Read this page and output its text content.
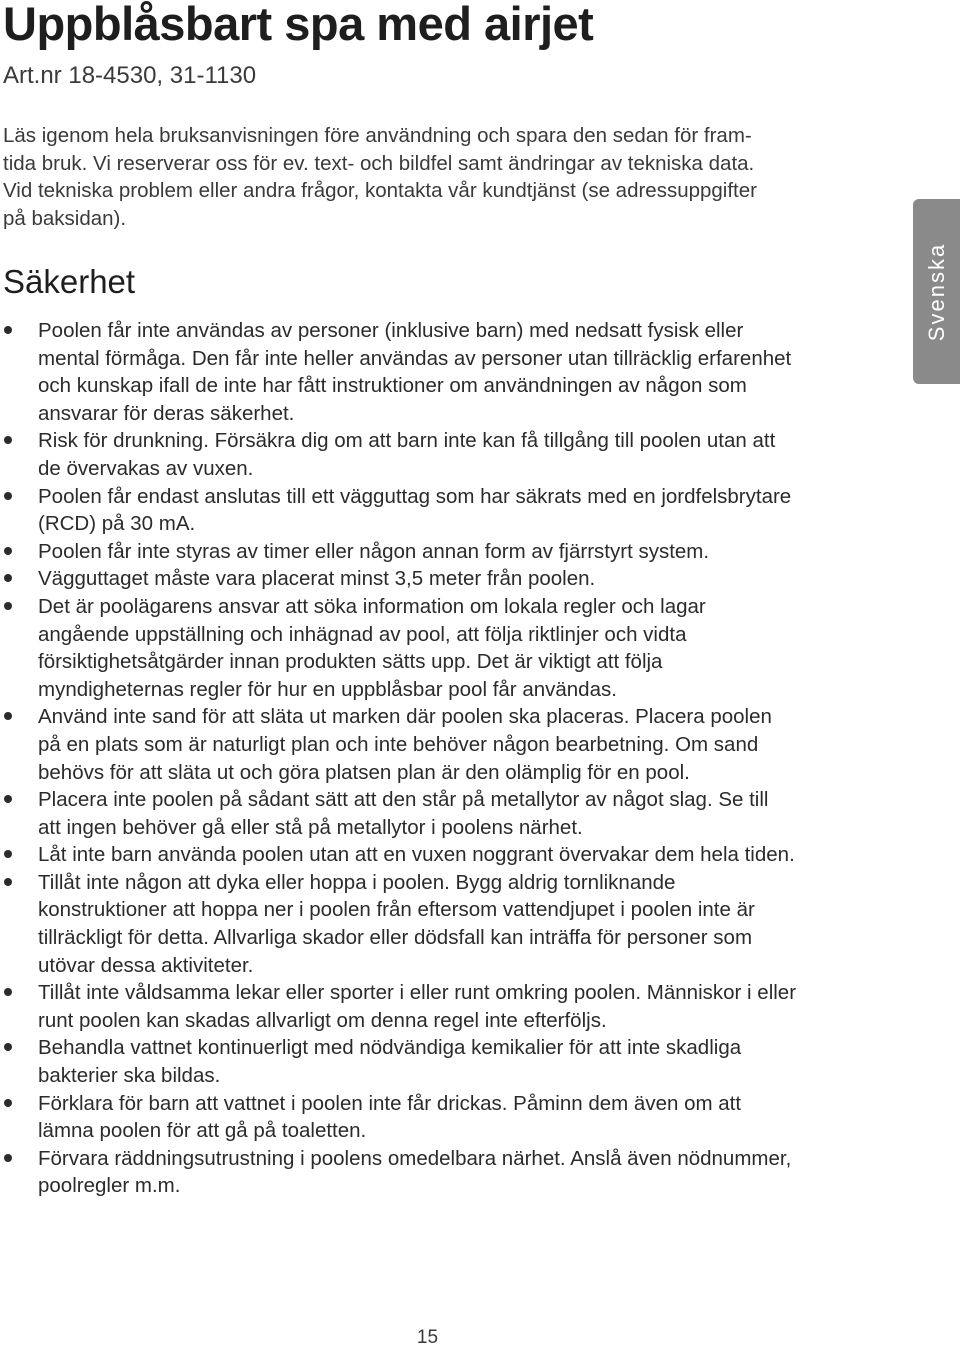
Uppblåsbart spa med airjet

Art.nr 18-4530, 31-1130

Läs igenom hela bruksanvisningen före användning och spara den sedan för fram-
tida bruk. Vi reserverar oss för ev. text- och bildfel samt ändringar av tekniska data.
Vid tekniska problem eller andra frågor, kontakta vår kundtjänst (se adressuppgifter
på baksidan).

Säkerhet
Poolen får inte användas av personer (inklusive barn) med nedsatt fysisk eller
mental förmåga. Den får inte heller användas av personer utan tillräcklig erfarenhet
och kunskap ifall de inte har fått instruktioner om användningen av någon som
ansvarar för deras säkerhet.
Risk för drunkning. Försäkra dig om att barn inte kan få tillgång till poolen utan att
de övervakas av vuxen.
Poolen får endast anslutas till ett vägguttag som har säkrats med en jordfelsbrytare
(RCD) på 30 mA.
Poolen får inte styras av timer eller någon annan form av fjärrstyrt system.
Vägguttaget måste vara placerat minst 3,5 meter från poolen.
Det är poolägarens ansvar att söka information om lokala regler och lagar
angående uppställning och inhägnad av pool, att följa riktlinjer och vidta
försiktighetsåtgärder innan produkten sätts upp. Det är viktigt att följa
myndigheternas regler för hur en uppblåsbar pool får användas.
Använd inte sand för att släta ut marken där poolen ska placeras. Placera poolen
på en plats som är naturligt plan och inte behöver någon bearbetning. Om sand
behövs för att släta ut och göra platsen plan är den olämplig för en pool.
Placera inte poolen på sådant sätt att den står på metallytor av något slag. Se till
att ingen behöver gå eller stå på metallytor i poolens närhet.
Låt inte barn använda poolen utan att en vuxen noggrant övervakar dem hela tiden.
Tillåt inte någon att dyka eller hoppa i poolen. Bygg aldrig tornliknande
konstruktioner att hoppa ner i poolen från eftersom vattendjupet i poolen inte är
tillräckligt för detta. Allvarliga skador eller dödsfall kan inträffa för personer som
utövar dessa aktiviteter.
Tillåt inte våldsamma lekar eller sporter i eller runt omkring poolen. Människor i eller
runt poolen kan skadas allvarligt om denna regel inte efterföljs.
Behandla vattnet kontinuerligt med nödvändiga kemikalier för att inte skadliga
bakterier ska bildas.
Förklara för barn att vattnet i poolen inte får drickas. Påminn dem även om att
lämna poolen för att gå på toaletten.
Förvara räddningsutrustning i poolens omedelbara närhet. Anslå även nödnummer,
poolregler m.m.
Svenska

15
